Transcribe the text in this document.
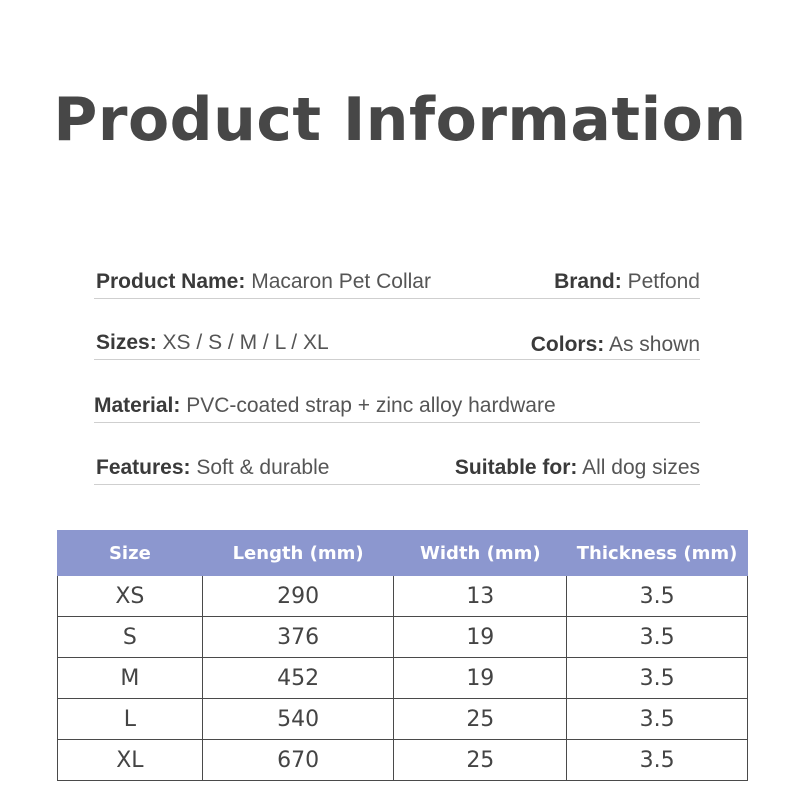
Product Information
Product Name: Macaron Pet Collar	Brand: Petfond
Sizes: XS / S / M / L / XL	Colors: As shown
Material: PVC-coated strap + zinc alloy hardware
Features: Soft & durable	Suitable for: All dog sizes
Size	Length (mm)	Width (mm)	Thickness (mm)
XS	290	13	3.5
S	376	19	3.5
M	452	19	3.5
L	540	25	3.5
XL	670	25	3.5
